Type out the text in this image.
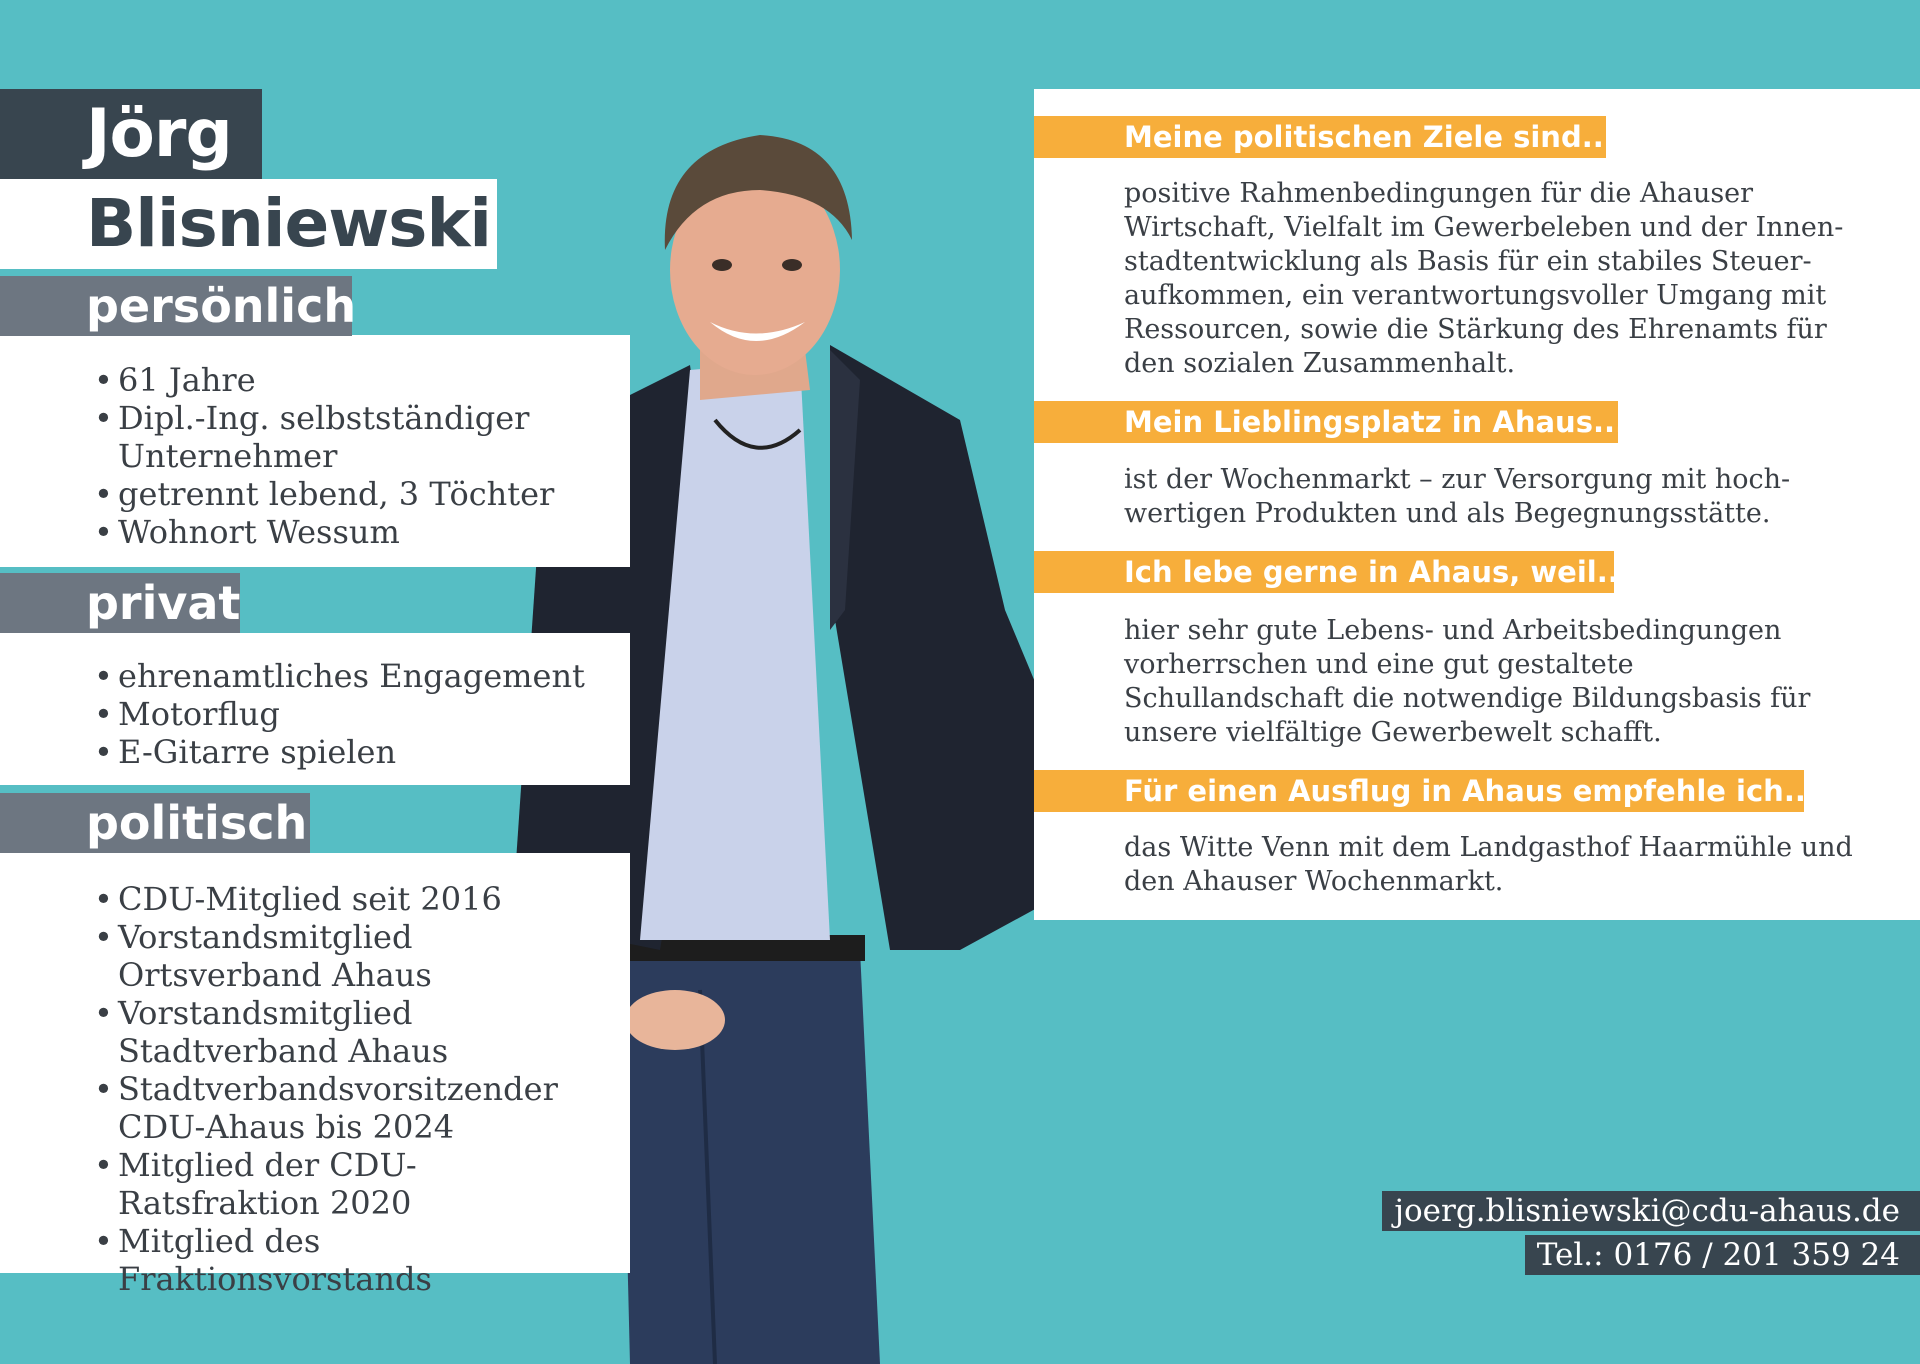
Jörg
Blisniewski
persönlich
• 61 Jahre
• Dipl.-Ing. selbstständiger Unternehmer
• getrennt lebend, 3 Töchter
• Wohnort Wessum
privat
• ehrenamtliches Engagement
• Motorflug
• E-Gitarre spielen
politisch
• CDU-Mitglied seit 2016
• Vorstandsmitglied Ortsverband Ahaus
• Vorstandsmitglied Stadtverband Ahaus
• Stadtverbandsvorsitzender CDU-Ahaus bis 2024
• Mitglied der CDU-Ratsfraktion 2020
• Mitglied des Fraktionsvorstands
Meine politischen Ziele sind...
positive Rahmenbedingungen für die Ahauser Wirtschaft, Vielfalt im Gewerbeleben und der Innen-stadtentwicklung als Basis für ein stabiles Steuer-aufkommen, ein verantwortungsvoller Umgang mit Ressourcen, sowie die Stärkung des Ehrenamts für den sozialen Zusammenhalt.
Mein Lieblingsplatz in Ahaus...
ist der Wochenmarkt – zur Versorgung mit hoch-wertigen Produkten und als Begegnungsstätte.
Ich lebe gerne in Ahaus, weil...
hier sehr gute Lebens- und Arbeitsbedingungen vorherrschen und eine gut gestaltete Schullandschaft die notwendige Bildungsbasis für unsere vielfältige Gewerbewelt schafft.
Für einen Ausflug in Ahaus empfehle ich...
das Witte Venn mit dem Landgasthof Haarmühle und den Ahauser Wochenmarkt.
joerg.blisniewski@cdu-ahaus.de
Tel.: 0176 / 201 359 24
